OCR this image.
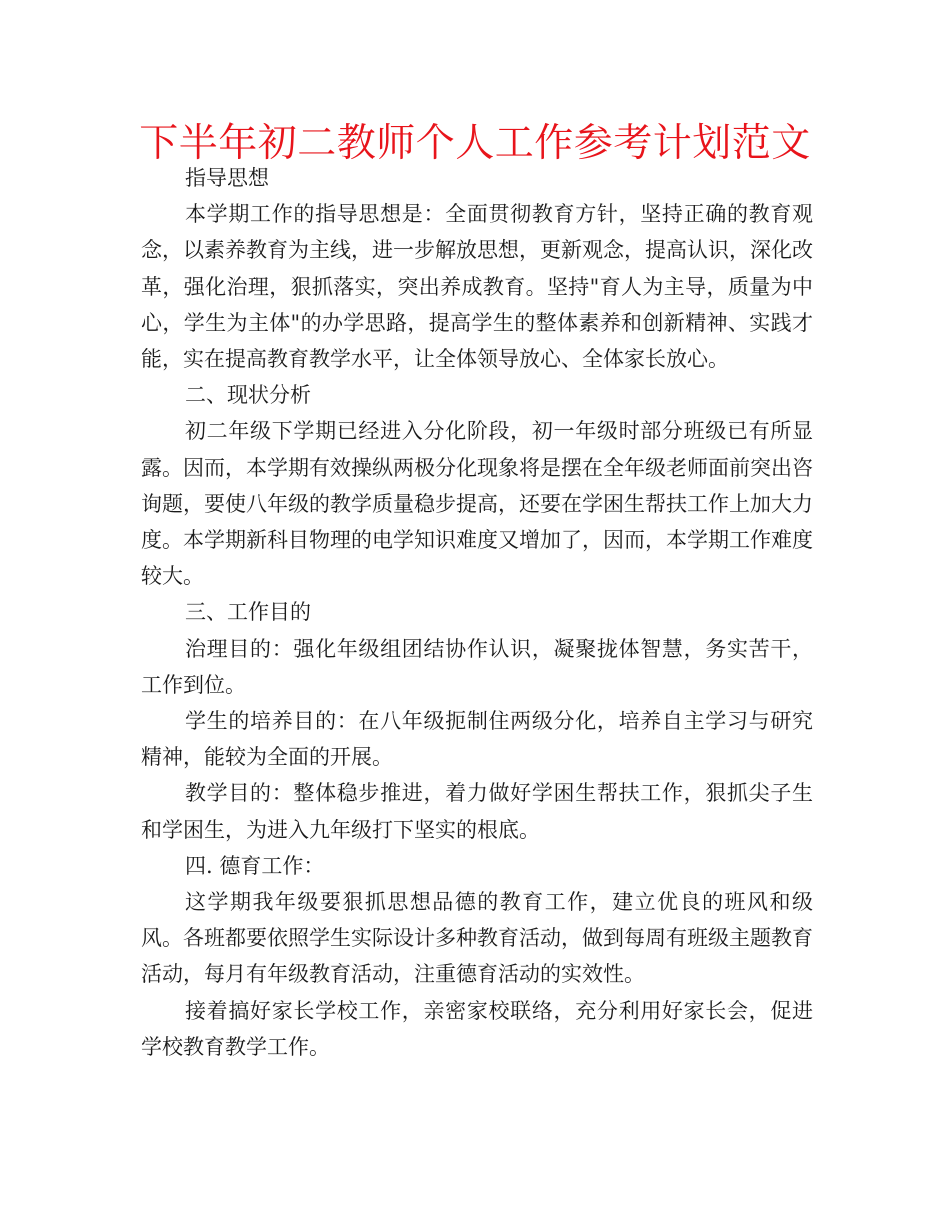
下半年初二教师个人工作参考计划范文

指导思想

本学期工作的指导思想是：全面贯彻教育方针，坚持正确的教育观念，以素养教育为主线，进一步解放思想，更新观念，提高认识，深化改革，强化治理，狠抓落实，突出养成教育。坚持"育人为主导，质量为中心，学生为主体"的办学思路，提高学生的整体素养和创新精神、实践才能，实在提高教育教学水平，让全体领导放心、全体家长放心。

二、现状分析

初二年级下学期已经进入分化阶段，初一年级时部分班级已有所显露。因而，本学期有效操纵两极分化现象将是摆在全年级老师面前突出咨询题，要使八年级的教学质量稳步提高，还要在学困生帮扶工作上加大力度。本学期新科目物理的电学知识难度又增加了，因而，本学期工作难度较大。

三、工作目的

治理目的：强化年级组团结协作认识，凝聚拢体智慧，务实苦干，工作到位。

学生的培养目的：在八年级扼制住两级分化，培养自主学习与研究精神，能较为全面的开展。

教学目的：整体稳步推进，着力做好学困生帮扶工作，狠抓尖子生和学困生，为进入九年级打下坚实的根底。

四. 德育工作：

这学期我年级要狠抓思想品德的教育工作，建立优良的班风和级风。各班都要依照学生实际设计多种教育活动，做到每周有班级主题教育活动，每月有年级教育活动，注重德育活动的实效性。

接着搞好家长学校工作，亲密家校联络，充分利用好家长会，促进学校教育教学工作。
